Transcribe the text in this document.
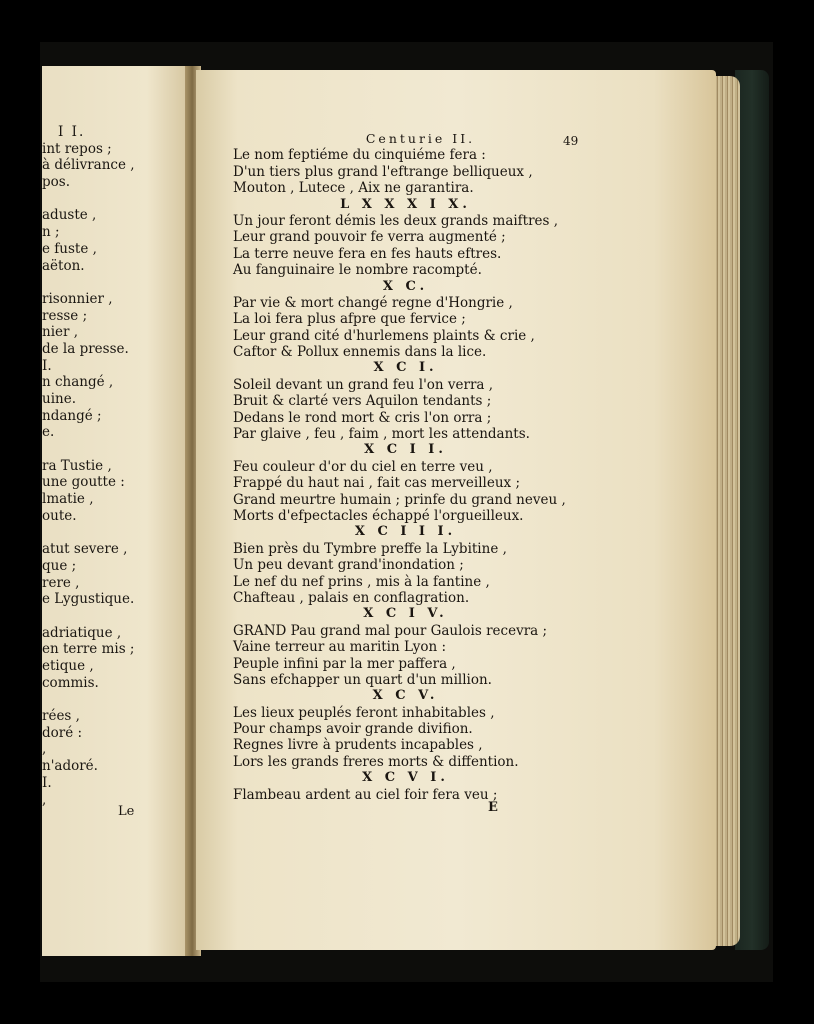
I I.
int repos ;
à délivrance ,
pos.
aduste ,
n ;
e fuste ,
aëton.
risonnier ,
resse ;
nier ,
de la presse.
I.
n changé ,
uine.
ndangé ;
e.
ra Tustie ,
une goutte :
lmatie ,
oute.
atut severe ,
que ;
rere ,
e Lygustique.
adriatique ,
en terre mis ;
etique ,
commis.
rées ,
doré :
,
n'adoré.
I.
,
Le
Centurie II.
Le nom feptiéme du cinquiéme fera :
D'un tiers plus grand l'eftrange belliqueux ,
Mouton , Lutece , Aix ne garantira.
L X X X I X.
Un jour feront démis les deux grands maiftres ,
Leur grand pouvoir fe verra augmenté ;
La terre neuve fera en fes hauts eftres.
Au fanguinaire le nombre racompté.
X C.
Par vie & mort changé regne d'Hongrie ,
La loi fera plus afpre que fervice ;
Leur grand cité d'hurlemens plaints & crie ,
Caftor & Pollux ennemis dans la lice.
X C I.
Soleil devant un grand feu l'on verra ,
Bruit & clarté vers Aquilon tendants ;
Dedans le rond mort & cris l'on orra ;
Par glaive , feu , faim , mort les attendants.
X C I I.
Feu couleur d'or du ciel en terre veu ,
Frappé du haut nai , fait cas merveilleux ;
Grand meurtre humain ; prinfe du grand neveu ,
Morts d'efpectacles échappé l'orgueilleux.
X C I I I.
Bien près du Tymbre preffe la Lybitine ,
Un peu devant grand'inondation ;
Le nef du nef prins , mis à la fantine ,
Chafteau , palais en conflagration.
X C I V.
GRAND Pau grand mal pour Gaulois recevra ;
Vaine terreur au maritin Lyon :
Peuple infini par la mer paffera ,
Sans efchapper un quart d'un million.
X C V.
Les lieux peuplés feront inhabitables ,
Pour champs avoir grande divifion.
Regnes livre à prudents incapables ,
Lors les grands freres morts & diffention.
X C V I.
Flambeau ardent au ciel foir fera veu ;
49
E
